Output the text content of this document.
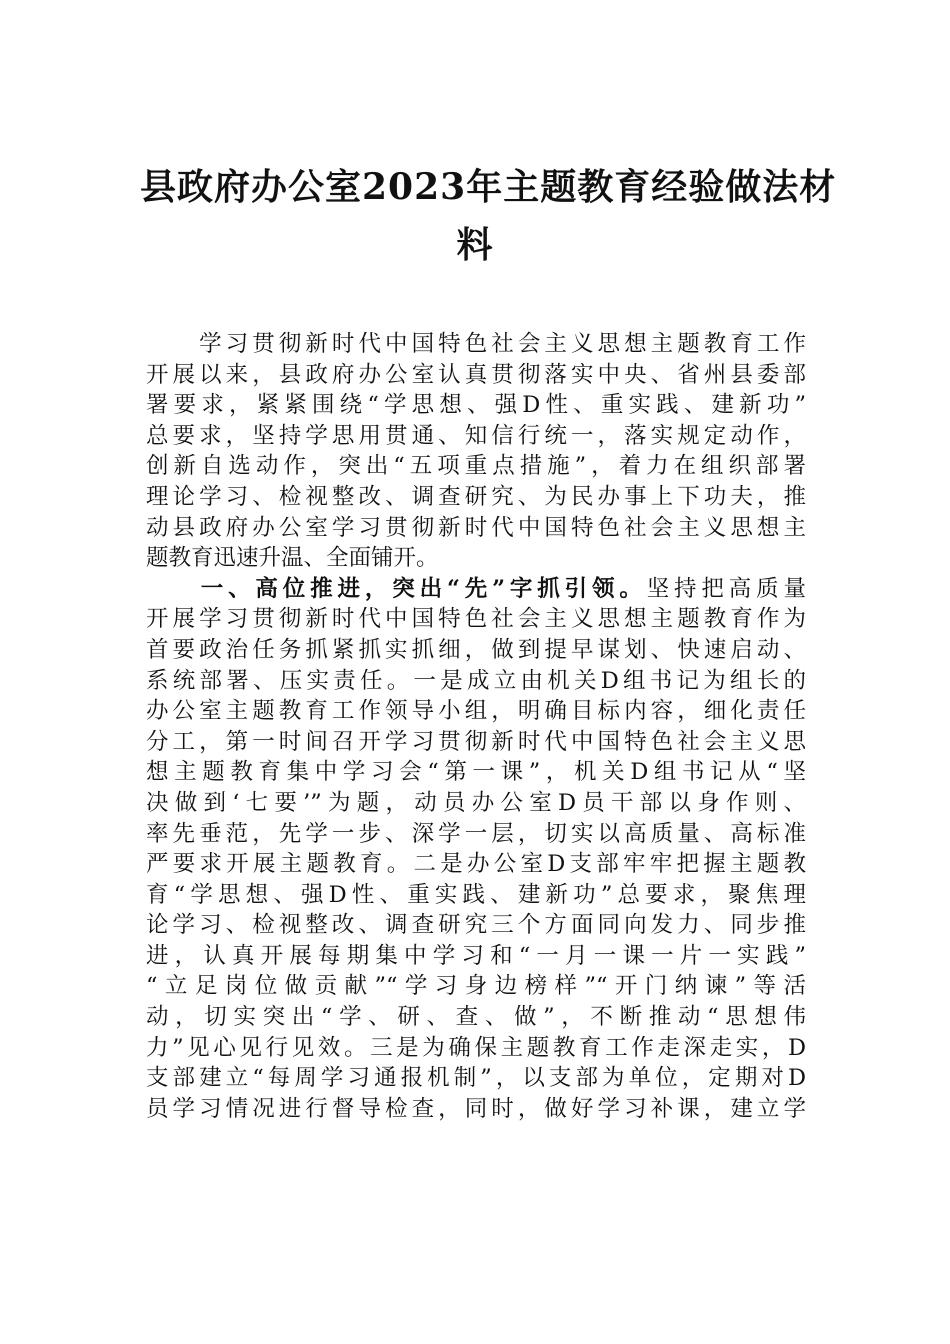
县政府办公室2023年主题教育经验做法材
料
　　学习贯彻新时代中国特色社会主义思想主题教育工作
开展以来，县政府办公室认真贯彻落实中央、省州县委部
署要求，紧紧围绕“学思想、强D性、重实践、建新功”
总要求，坚持学思用贯通、知信行统一，落实规定动作，
创新自选动作，突出“五项重点措施”，着力在组织部署
理论学习、检视整改、调查研究、为民办事上下功夫，推
动县政府办公室学习贯彻新时代中国特色社会主义思想主
题教育迅速升温、全面铺开。
　　一、高位推进，突出“先”字抓引领。坚持把高质量
开展学习贯彻新时代中国特色社会主义思想主题教育作为
首要政治任务抓紧抓实抓细，做到提早谋划、快速启动、
系统部署、压实责任。一是成立由机关D组书记为组长的
办公室主题教育工作领导小组，明确目标内容，细化责任
分工，第一时间召开学习贯彻新时代中国特色社会主义思
想主题教育集中学习会“第一课”，机关D组书记从“坚
决做到‘七要’”为题，动员办公室D员干部以身作则、
率先垂范，先学一步、深学一层，切实以高质量、高标准
严要求开展主题教育。二是办公室D支部牢牢把握主题教
育“学思想、强D性、重实践、建新功”总要求，聚焦理
论学习、检视整改、调查研究三个方面同向发力、同步推
进，认真开展每期集中学习和“一月一课一片一实践”
“立足岗位做贡献”“学习身边榜样”“开门纳谏”等活
动，切实突出“学、研、查、做”，不断推动“思想伟
力”见心见行见效。三是为确保主题教育工作走深走实，D
支部建立“每周学习通报机制”，以支部为单位，定期对D
员学习情况进行督导检查，同时，做好学习补课，建立学
